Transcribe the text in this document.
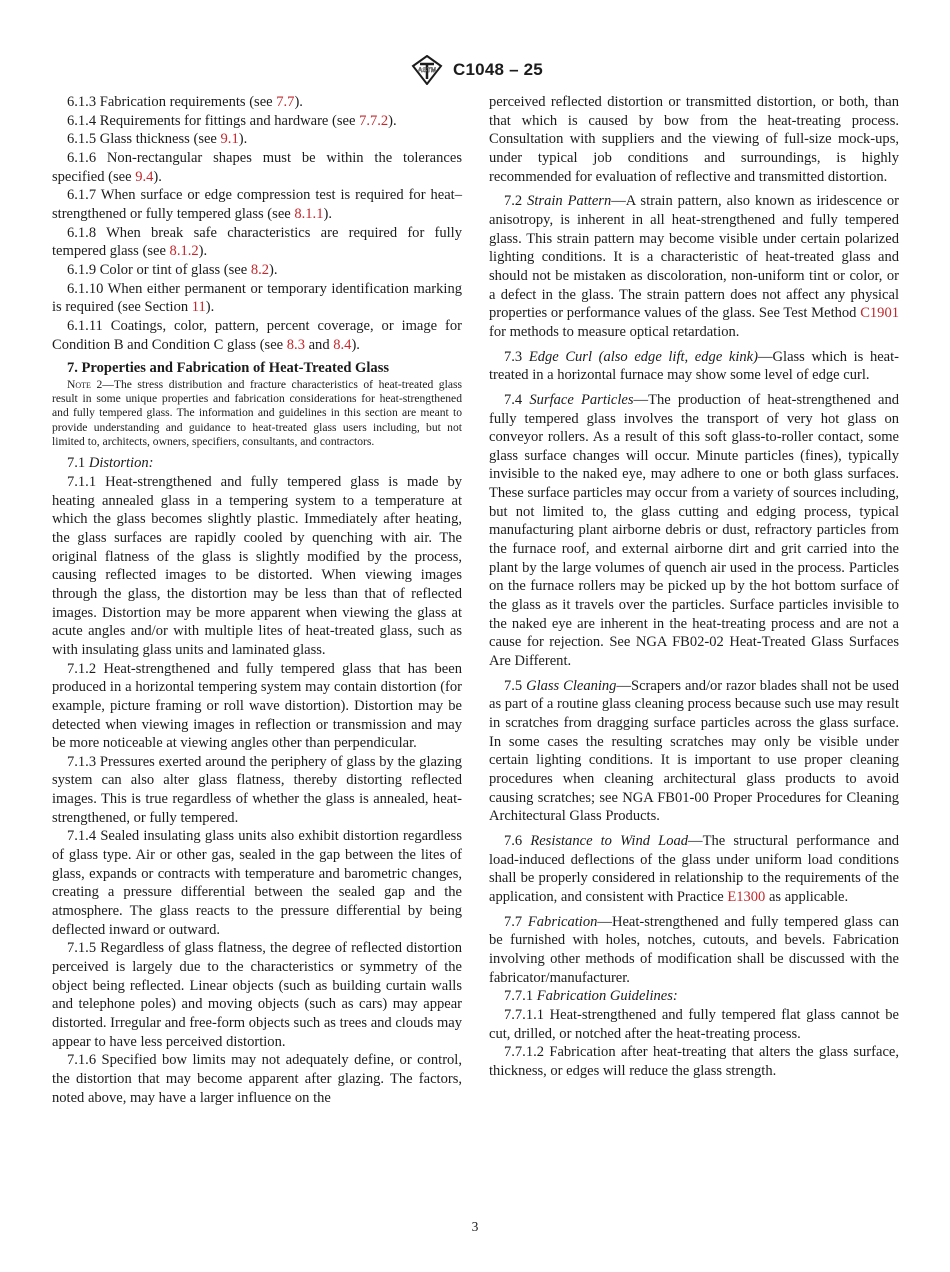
ASTM C1048 – 25

6.1.3 Fabrication requirements (see 7.7).

6.1.4 Requirements for fittings and hardware (see 7.7.2).

6.1.5 Glass thickness (see 9.1).

6.1.6 Non-rectangular shapes must be within the tolerances specified (see 9.4).

6.1.7 When surface or edge compression test is required for heat–strengthened or fully tempered glass (see 8.1.1).

6.1.8 When break safe characteristics are required for fully tempered glass (see 8.1.2).

6.1.9 Color or tint of glass (see 8.2).

6.1.10 When either permanent or temporary identification marking is required (see Section 11).

6.1.11 Coatings, color, pattern, percent coverage, or image for Condition B and Condition C glass (see 8.3 and 8.4).

7. Properties and Fabrication of Heat-Treated Glass

Note 2—The stress distribution and fracture characteristics of heat-treated glass result in some unique properties and fabrication considerations for heat-strengthened and fully tempered glass. The information and guidelines in this section are meant to provide understanding and guidance to heat-treated glass users including, but not limited to, architects, owners, specifiers, consultants, and contractors.

7.1 Distortion:

7.1.1 Heat-strengthened and fully tempered glass is made by heating annealed glass in a tempering system to a temperature at which the glass becomes slightly plastic. Immediately after heating, the glass surfaces are rapidly cooled by quenching with air. The original flatness of the glass is slightly modified by the process, causing reflected images to be distorted. When viewing images through the glass, the distortion may be less than that of reflected images. Distortion may be more apparent when viewing the glass at acute angles and/or with multiple lites of heat-treated glass, such as with insulating glass units and laminated glass.

7.1.2 Heat-strengthened and fully tempered glass that has been produced in a horizontal tempering system may contain distortion (for example, picture framing or roll wave distortion). Distortion may be detected when viewing images in reflection or transmission and may be more noticeable at viewing angles other than perpendicular.

7.1.3 Pressures exerted around the periphery of glass by the glazing system can also alter glass flatness, thereby distorting reflected images. This is true regardless of whether the glass is annealed, heat-strengthened, or fully tempered.

7.1.4 Sealed insulating glass units also exhibit distortion regardless of glass type. Air or other gas, sealed in the gap between the lites of glass, expands or contracts with temperature and barometric changes, creating a pressure differential between the sealed gap and the atmosphere. The glass reacts to the pressure differential by being deflected inward or outward.

7.1.5 Regardless of glass flatness, the degree of reflected distortion perceived is largely due to the characteristics or symmetry of the object being reflected. Linear objects (such as building curtain walls and telephone poles) and moving objects (such as cars) may appear distorted. Irregular and free-form objects such as trees and clouds may appear to have less perceived distortion.

7.1.6 Specified bow limits may not adequately define, or control, the distortion that may become apparent after glazing. The factors, noted above, may have a larger influence on the

perceived reflected distortion or transmitted distortion, or both, than that which is caused by bow from the heat-treating process. Consultation with suppliers and the viewing of full-size mock-ups, under typical job conditions and surroundings, is highly recommended for evaluation of reflective and transmitted distortion.

7.2 Strain Pattern—A strain pattern, also known as iridescence or anisotropy, is inherent in all heat-strengthened and fully tempered glass. This strain pattern may become visible under certain polarized lighting conditions. It is a characteristic of heat-treated glass and should not be mistaken as discoloration, non-uniform tint or color, or a defect in the glass. The strain pattern does not affect any physical properties or performance values of the glass. See Test Method C1901 for methods to measure optical retardation.

7.3 Edge Curl (also edge lift, edge kink)—Glass which is heat-treated in a horizontal furnace may show some level of edge curl.

7.4 Surface Particles—The production of heat-strengthened and fully tempered glass involves the transport of very hot glass on conveyor rollers. As a result of this soft glass-to-roller contact, some glass surface changes will occur. Minute particles (fines), typically invisible to the naked eye, may adhere to one or both glass surfaces. These surface particles may occur from a variety of sources including, but not limited to, the glass cutting and edging process, typical manufacturing plant airborne debris or dust, refractory particles from the furnace roof, and external airborne dirt and grit carried into the plant by the large volumes of quench air used in the process. Particles on the furnace rollers may be picked up by the hot bottom surface of the glass as it travels over the particles. Surface particles invisible to the naked eye are inherent in the heat-treating process and are not a cause for rejection. See NGA FB02-02 Heat-Treated Glass Surfaces Are Different.

7.5 Glass Cleaning—Scrapers and/or razor blades shall not be used as part of a routine glass cleaning process because such use may result in scratches from dragging surface particles across the glass surface. In some cases the resulting scratches may only be visible under certain lighting conditions. It is important to use proper cleaning procedures when cleaning architectural glass products to avoid causing scratches; see NGA FB01-00 Proper Procedures for Cleaning Architectural Glass Products.

7.6 Resistance to Wind Load—The structural performance and load-induced deflections of the glass under uniform load conditions shall be properly considered in relationship to the requirements of the application, and consistent with Practice E1300 as applicable.

7.7 Fabrication—Heat-strengthened and fully tempered glass can be furnished with holes, notches, cutouts, and bevels. Fabrication involving other methods of modification shall be discussed with the fabricator/manufacturer.

7.7.1 Fabrication Guidelines:

7.7.1.1 Heat-strengthened and fully tempered flat glass cannot be cut, drilled, or notched after the heat-treating process.

7.7.1.2 Fabrication after heat-treating that alters the glass surface, thickness, or edges will reduce the glass strength.

3
